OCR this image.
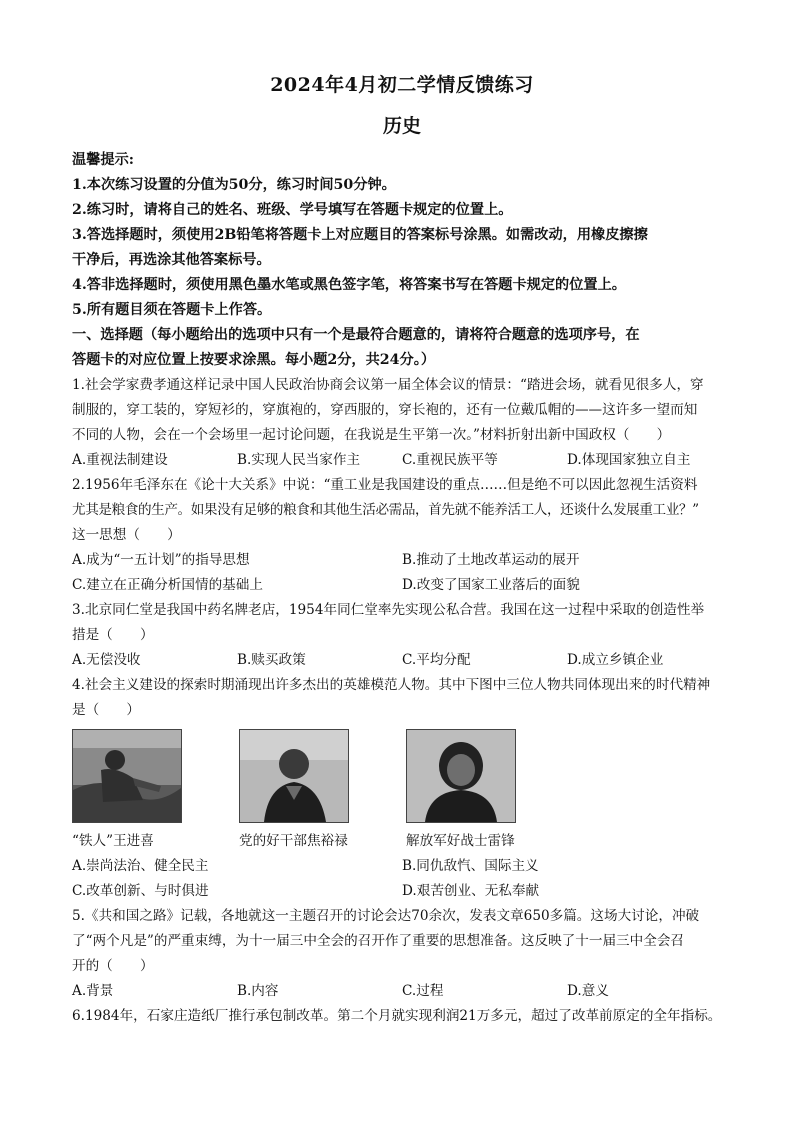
2024年4月初二学情反馈练习
历史
温馨提示:
1.本次练习设置的分值为50分，练习时间50分钟。
2.练习时，请将自己的姓名、班级、学号填写在答题卡规定的位置上。
3.答选择题时，须使用2B铅笔将答题卡上对应题目的答案标号涂黑。如需改动，用橡皮擦擦
干净后，再选涂其他答案标号。
4.答非选择题时，须使用黑色墨水笔或黑色签字笔，将答案书写在答题卡规定的位置上。
5.所有题目须在答题卡上作答。
一、选择题（每小题给出的选项中只有一个是最符合题意的，请将符合题意的选项序号，在
答题卡的对应位置上按要求涂黑。每小题2分，共24分。）
1.社会学家费孝通这样记录中国人民政治协商会议第一届全体会议的情景：“踏进会场，就看见很多人，穿
制服的，穿工装的，穿短衫的，穿旗袍的，穿西服的，穿长袍的，还有一位戴瓜帽的——这许多一望而知
不同的人物，会在一个会场里一起讨论问题，在我说是生平第一次。”材料折射出新中国政权（　　）
A.重视法制建设	B.实现人民当家作主	C.重视民族平等	D.体现国家独立自主
2.1956年毛泽东在《论十大关系》中说：“重工业是我国建设的重点……但是绝不可以因此忽视生活资料
尤其是粮食的生产。如果没有足够的粮食和其他生活必需品，首先就不能养活工人，还谈什么发展重工业？”
这一思想（　　）
A.成为“一五计划”的指导思想	B.推动了土地改革运动的展开
C.建立在正确分析国情的基础上	D.改变了国家工业落后的面貌
3.北京同仁堂是我国中药名牌老店，1954年同仁堂率先实现公私合营。我国在这一过程中采取的创造性举
措是（　　）
A.无偿没收	B.赎买政策	C.平均分配	D.成立乡镇企业
4.社会主义建设的探索时期涌现出许多杰出的英雄模范人物。其中下图中三位人物共同体现出来的时代精神
是（　　）
“铁人”王进喜	党的好干部焦裕禄	解放军好战士雷锋
A.崇尚法治、健全民主	B.同仇敌忾、国际主义
C.改革创新、与时俱进	D.艰苦创业、无私奉献
5.《共和国之路》记载，各地就这一主题召开的讨论会达70余次，发表文章650多篇。这场大讨论，冲破
了“两个凡是”的严重束缚，为十一届三中全会的召开作了重要的思想准备。这反映了十一届三中全会召
开的（　　）
A.背景	B.内容	C.过程	D.意义
6.1984年，石家庄造纸厂推行承包制改革。第二个月就实现利润21万多元，超过了改革前原定的全年指标。
